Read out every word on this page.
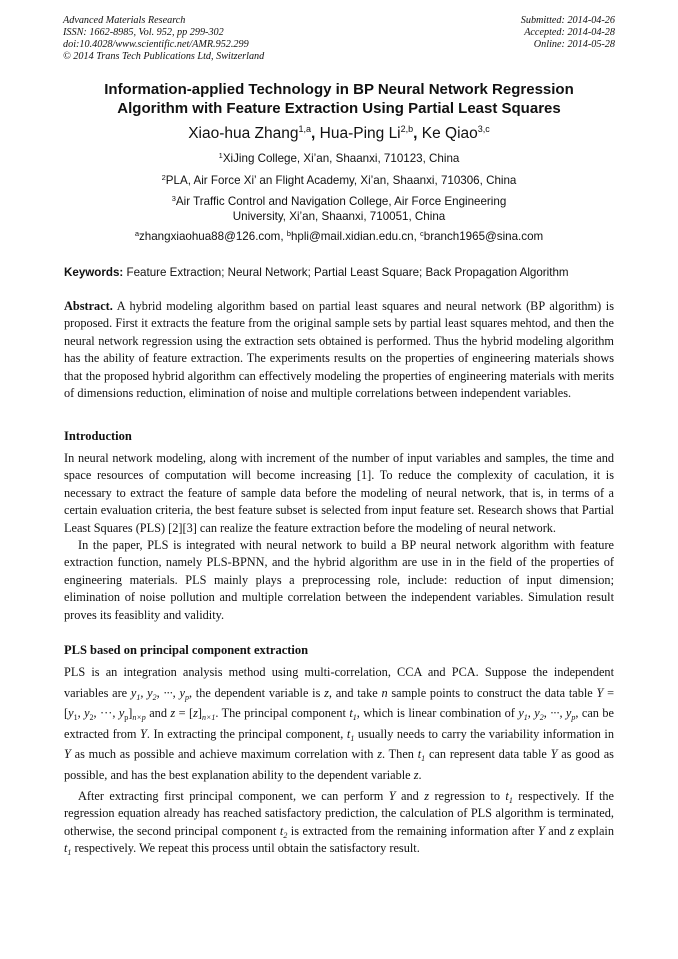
Advanced Materials Research
ISSN: 1662-8985, Vol. 952, pp 299-302
doi:10.4028/www.scientific.net/AMR.952.299
© 2014 Trans Tech Publications Ltd, Switzerland
Submitted: 2014-04-26
Accepted: 2014-04-28
Online: 2014-05-28
Information-applied Technology in BP Neural Network Regression
Algorithm with Feature Extraction Using Partial Least Squares
Xiao-hua Zhang$^{1,a}$, Hua-Ping Li$^{2,b}$, Ke Qiao$^{3,c}$
$^1$XiJing College, Xi’an, Shaanxi, 710123, China
$^2$PLA, Air Force Xi’ an Flight Academy, Xi’an, Shaanxi, 710306, China
$^3$Air Traffic Control and Navigation College, Air Force Engineering
University, Xi’an, Shaanxi, 710051, China
$^a$zhangxiaohua88@126.com, $^b$hpli@mail.xidian.edu.cn, $^c$branch1965@sina.com
Keywords: Feature Extraction; Neural Network; Partial Least Square; Back Propagation Algorithm

Abstract. A hybrid modeling algorithm based on partial least squares and neural network (BP algorithm) is proposed. First it extracts the feature from the original sample sets by partial least squares mehtod, and then the neural network regression using the extraction sets obtained is performed. Thus the hybrid modeling algorithm has the ability of feature extraction. The experiments results on the properties of engineering materials shows that the proposed hybrid algorithm can effectively modeling the properties of engineering materials with merits of dimensions reduction, elimination of noise and multiple correlations between independent variables.

Introduction

In neural network modeling, along with increment of the number of input variables and samples, the time and space resources of computation will become increasing [1]. To reduce the complexity of caculation, it is necessary to extract the feature of sample data before the modeling of neural network, that is, in terms of a certain evaluation criteria, the best feature subset is selected from input feature set. Research shows that Partial Least Squares (PLS) [2][3] can realize the feature extraction before the modeling of neural network.

In the paper, PLS is integrated with neural network to build a BP neural network algorithm with feature extraction function, namely PLS-BPNN, and the hybrid algorithm are use in in the field of the properties of engineering materials. PLS mainly plays a preprocessing role, include: reduction of input dimension; elimination of noise pollution and multiple correlation between the independent variables. Simulation result proves its feasiblity and validity.

PLS based on principal component extraction

PLS is an integration analysis method using multi-correlation, CCA and PCA. Suppose the independent variables are $y_1$, $y_2$, ···, $y_p$, the dependent variable is z, and take n sample points to construct the data table $Y = [y_1$, $y_2$, ···, $y_p]_{n\times p}$ and $z = [z]_{n\times 1}$. The principal component $t_1$, which is linear combination of $y_1$, $y_2$, ···, $y_p$, can be extracted from Y. In extracting the principal component, $t_1$ usually needs to carry the variability information in Y as much as possible and achieve maximum correlation with z. Then $t_1$ can represent data table Y as good as possible, and has the best explanation ability to the dependent variable z.

After extracting first principal component, we can perform Y and z regression to $t_1$ respectively. If the regression equation already has reached satisfactory prediction, the calculation of PLS algorithm is terminated, otherwise, the second principal component $t_2$ is extracted from the remaining information after Y and z explain $t_1$ respectively. We repeat this process until obtain the satisfactory result.
